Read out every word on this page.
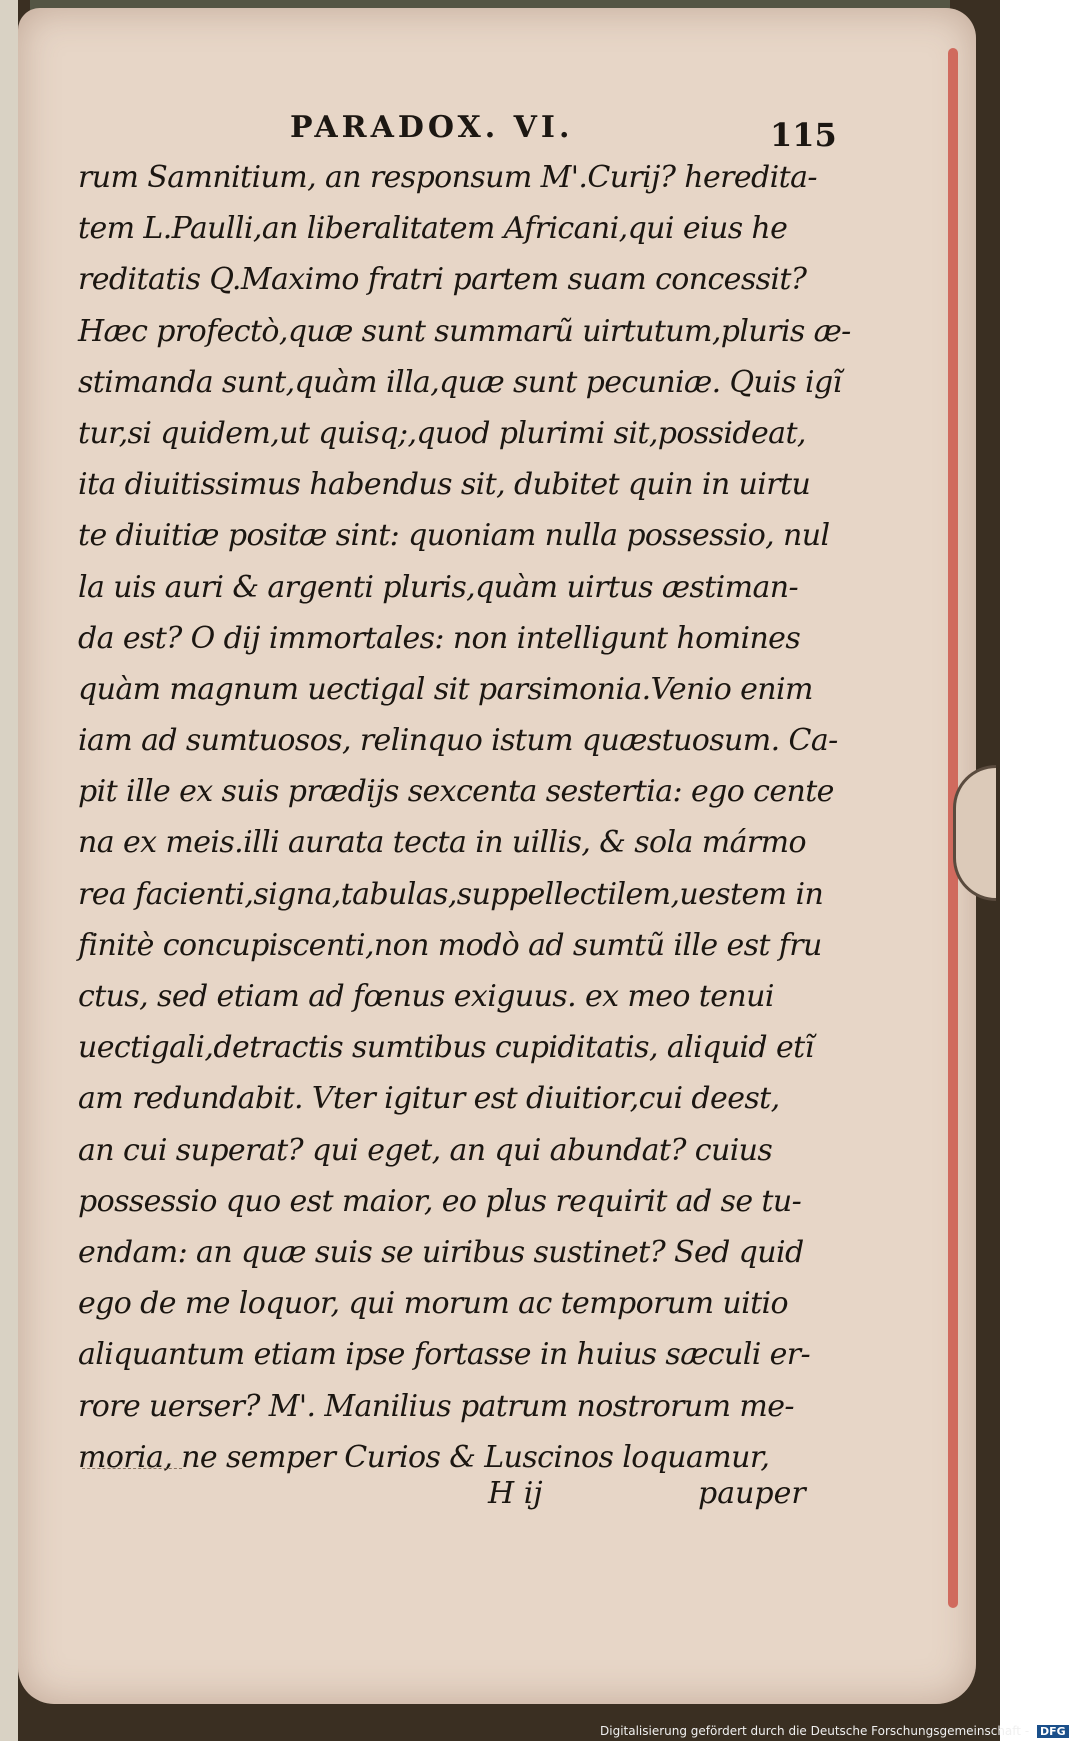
PARADOX. VI.	115
rum Samnitium, an responsum M'.Curij? heredita-
tem L.Paulli,an liberalitatem Africani,qui eius he
reditatis Q.Maximo fratri partem suam concessit?
Hæc profectò,quæ sunt summarũ uirtutum,pluris æ-
stimanda sunt,quàm illa,quæ sunt pecuniæ. Quis igĩ
tur,si quidem,ut quisq;,quod plurimi sit,possideat,
ita diuitissimus habendus sit, dubitet quin in uirtu
te diuitiæ positæ sint: quoniam nulla possessio, nul
la uis auri & argenti pluris,quàm uirtus æstiman-
da est? O dij immortales: non intelligunt homines
quàm magnum uectigal sit parsimonia.Venio enim
iam ad sumtuosos, relinquo istum quæstuosum. Ca-
pit ille ex suis prædijs sexcenta sestertia: ego cente
na ex meis.illi aurata tecta in uillis, & sola mármo
rea facienti,signa,tabulas,suppellectilem,uestem in
finitè concupiscenti,non modò ad sumtũ ille est fru
ctus, sed etiam ad fœnus exiguus. ex meo tenui
uectigali,detractis sumtibus cupiditatis, aliquid etĩ
am redundabit. Vter igitur est diuitior,cui deest,
an cui superat? qui eget, an qui abundat? cuius
possessio quo est maior, eo plus requirit ad se tu-
endam: an quæ suis se uiribus sustinet? Sed quid
ego de me loquor, qui morum ac temporum uitio
aliquantum etiam ipse fortasse in huius sæculi er-
rore uerser? M'. Manilius patrum nostrorum me-
moria, ne semper Curios & Luscinos loquamur,
H ij	pauper
Digitalisierung gefördert durch die Deutsche Forschungsgemeinschaft - DFG
